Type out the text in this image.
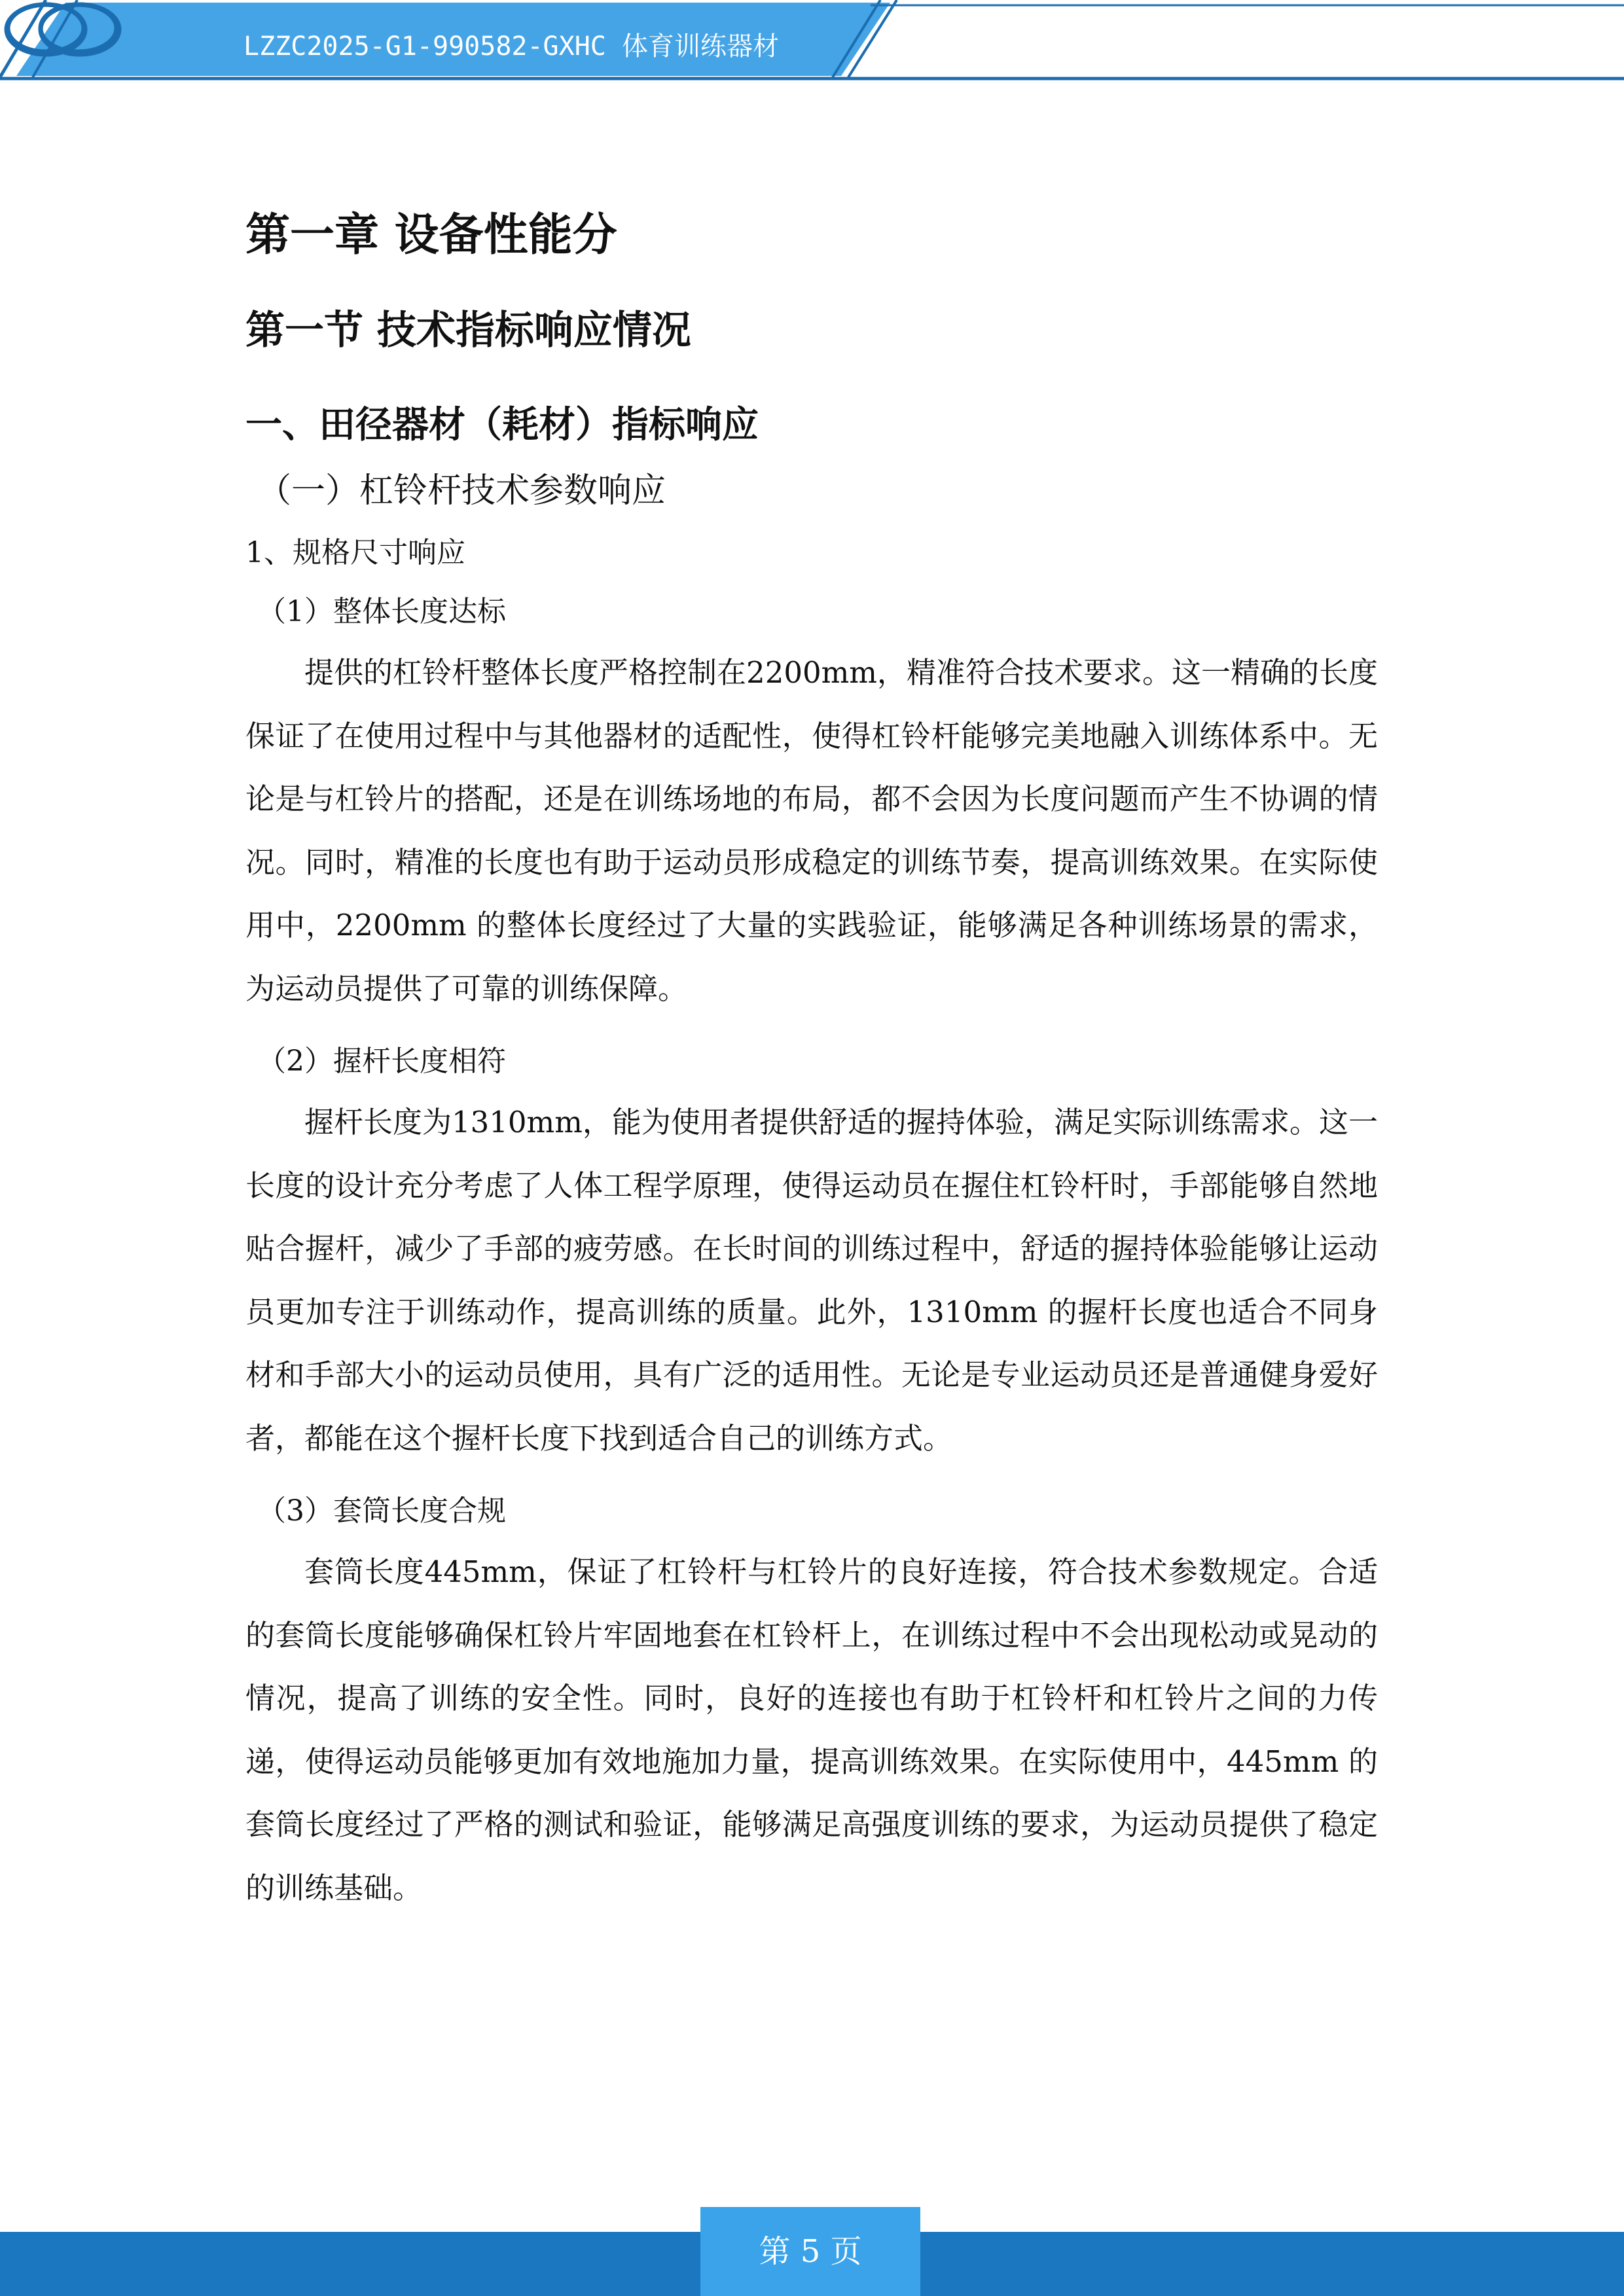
LZZC2025-G1-990582-GXHC 体育训练器材
第一章 设备性能分
第一节 技术指标响应情况
一、田径器材（耗材）指标响应
（一）杠铃杆技术参数响应
1、规格尺寸响应
（1）整体长度达标

提供的杠铃杆整体长度严格控制在2200mm，精准符合技术要求。这一精确的长度保证了在使用过程中与其他器材的适配性，使得杠铃杆能够完美地融入训练体系中。无论是与杠铃片的搭配，还是在训练场地的布局，都不会因为长度问题而产生不协调的情况。同时，精准的长度也有助于运动员形成稳定的训练节奏，提高训练效果。在实际使用中，2200mm 的整体长度经过了大量的实践验证，能够满足各种训练场景的需求，为运动员提供了可靠的训练保障。

（2）握杆长度相符

握杆长度为1310mm，能为使用者提供舒适的握持体验，满足实际训练需求。这一长度的设计充分考虑了人体工程学原理，使得运动员在握住杠铃杆时，手部能够自然地贴合握杆，减少了手部的疲劳感。在长时间的训练过程中，舒适的握持体验能够让运动员更加专注于训练动作，提高训练的质量。此外，1310mm 的握杆长度也适合不同身材和手部大小的运动员使用，具有广泛的适用性。无论是专业运动员还是普通健身爱好者，都能在这个握杆长度下找到适合自己的训练方式。

（3）套筒长度合规

套筒长度445mm，保证了杠铃杆与杠铃片的良好连接，符合技术参数规定。合适的套筒长度能够确保杠铃片牢固地套在杠铃杆上，在训练过程中不会出现松动或晃动的情况，提高了训练的安全性。同时，良好的连接也有助于杠铃杆和杠铃片之间的力传递，使得运动员能够更加有效地施加力量，提高训练效果。在实际使用中，445mm 的套筒长度经过了严格的测试和验证，能够满足高强度训练的要求，为运动员提供了稳定的训练基础。

第 5 页
